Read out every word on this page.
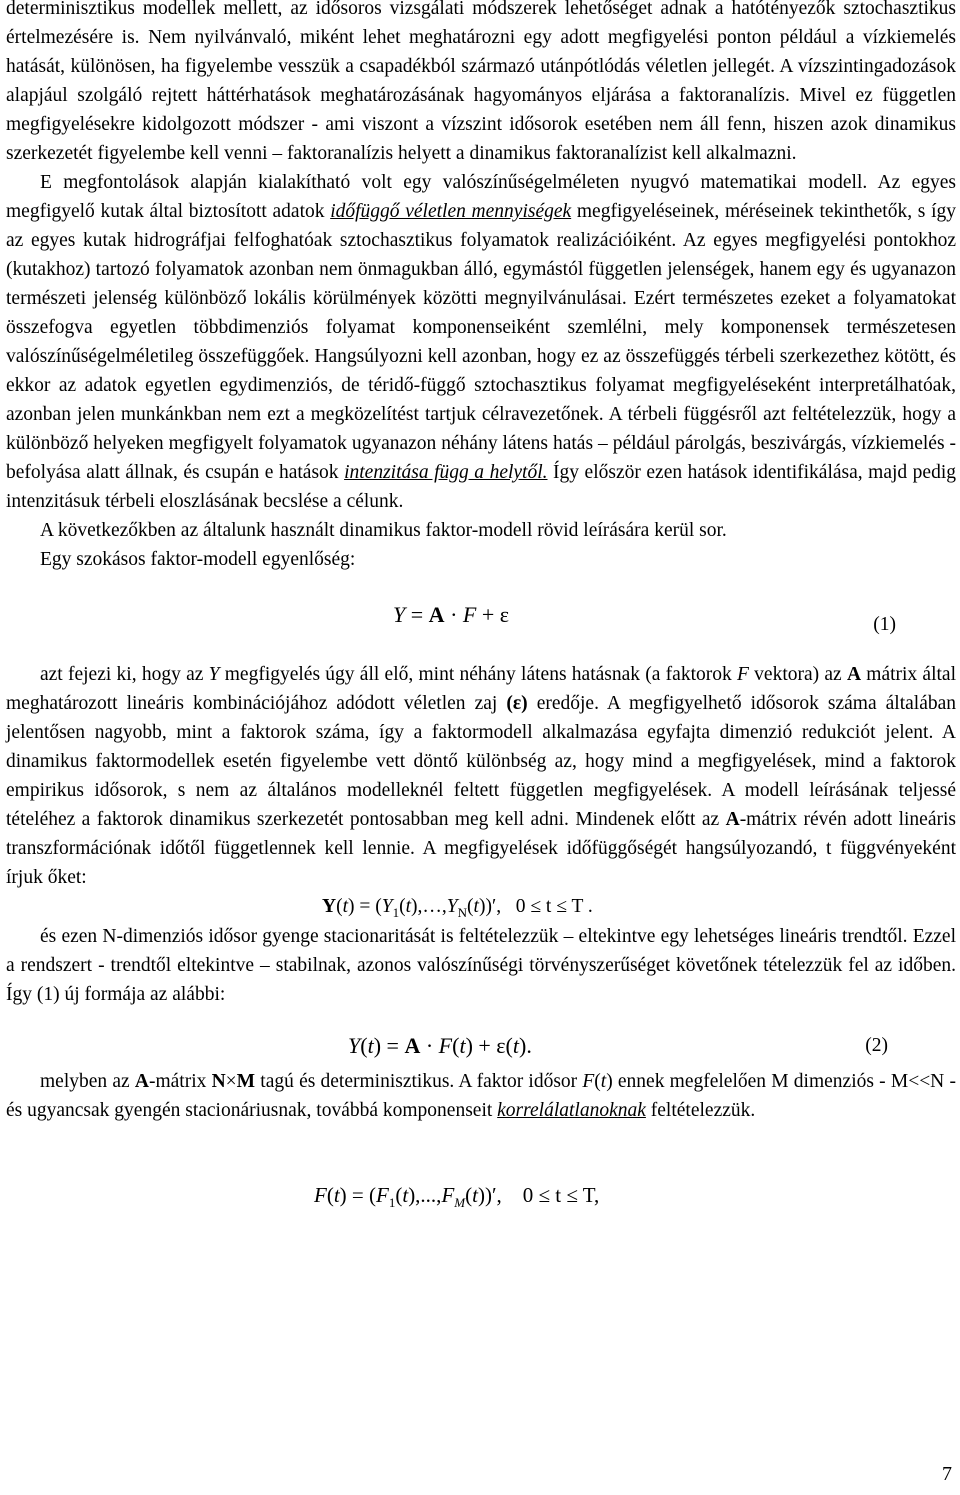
determinisztikus modellek mellett, az idősoros vizsgálati módszerek lehetőséget adnak a hatótényezők sztochasztikus értelmezésére is. Nem nyilvánvaló, miként lehet meghatározni egy adott megfigyelési ponton például a vízkiemelés hatását, különösen, ha figyelembe vesszük a csapadékból származó utánpótlódás véletlen jellegét. A vízszintingadozások alapjául szolgáló rejtett háttérhatások meghatározásának hagyományos eljárása a faktoranalízis. Mivel ez független megfigyelésekre kidolgozott módszer - ami viszont a vízszint idősorok esetében nem áll fenn, hiszen azok dinamikus szerkezetét figyelembe kell venni – faktoranalízis helyett a dinamikus faktoranalízist kell alkalmazni.

E megfontolások alapján kialakítható volt egy valószínűségelméleten nyugvó matematikai modell. Az egyes megfigyelő kutak által biztosított adatok időfüggő véletlen mennyiségek megfigyeléseinek, méréseinek tekinthetők, s így az egyes kutak hidrográfjai felfoghatóak sztochasztikus folyamatok realizációiként. Az egyes megfigyelési pontokhoz (kutakhoz) tartozó folyamatok azonban nem önmagukban álló, egymástól független jelenségek, hanem egy és ugyanazon természeti jelenség különböző lokális körülmények közötti megnyilvánulásai. Ezért természetes ezeket a folyamatokat összefogva egyetlen többdimenziós folyamat komponenseiként szemlélni, mely komponensek természetesen valószínűségelméletileg összefüggőek. Hangsúlyozni kell azonban, hogy ez az összefüggés térbeli szerkezethez kötött, és ekkor az adatok egyetlen egydimenziós, de téridő-függő sztochasztikus folyamat megfigyeléseként interpretálhatóak, azonban jelen munkánkban nem ezt a megközelítést tartjuk célravezetőnek. A térbeli függésről azt feltételezzük, hogy a különböző helyeken megfigyelt folyamatok ugyanazon néhány látens hatás – például párolgás, beszivárgás, vízkiemelés - befolyása alatt állnak, és csupán e hatások intenzitása függ a helytől. Így először ezen hatások identifikálása, majd pedig intenzitásuk térbeli eloszlásának becslése a célunk.

A következőkben az általunk használt dinamikus faktor-modell rövid leírására kerül sor.

Egy szokásos faktor-modell egyenlőség:

Y = A · F + ε	(1)

azt fejezi ki, hogy az Y megfigyelés úgy áll elő, mint néhány látens hatásnak (a faktorok F vektora) az A mátrix által meghatározott lineáris kombinációjához adódott véletlen zaj (ε) eredője. A megfigyelhető idősorok száma általában jelentősen nagyobb, mint a faktorok száma, így a faktormodell alkalmazása egyfajta dimenzió redukciót jelent. A dinamikus faktormodellek esetén figyelembe vett döntő különbség az, hogy mind a megfigyelések, mind a faktorok empirikus idősorok, s nem az általános modelleknél feltett független megfigyelések. A modell leírásának teljessé tételéhez a faktorok dinamikus szerkezetét pontosabban meg kell adni. Mindenek előtt az A-mátrix révén adott lineáris transzformációnak időtől függetlennek kell lennie. A megfigyelések időfüggőségét hangsúlyozandó, t függvényeként írjuk őket:

$Y(t) = (Y_1(t),\dots,Y_N(t))'$,   0 ≤ t ≤ T .

és ezen N-dimenziós idősor gyenge stacionaritását is feltételezzük – eltekintve egy lehetséges lineáris trendtől. Ezzel a rendszert - trendtől eltekintve – stabilnak, azonos valószínűségi törvényszerűséget követőnek tételezzük fel az időben. Így (1) új formája az alábbi:

Y(t) = A · F(t) + ε(t).	(2)

melyben az A-mátrix N×M tagú és determinisztikus. A faktor idősor F(t) ennek megfelelően M dimenziós - M<<N - és ugyancsak gyengén stacionáriusnak, továbbá komponenseit korrelálatlanoknak feltételezzük.

$F(t) = (F_1(t),...,F_M(t))'$,    0 ≤ t ≤ T,
7
